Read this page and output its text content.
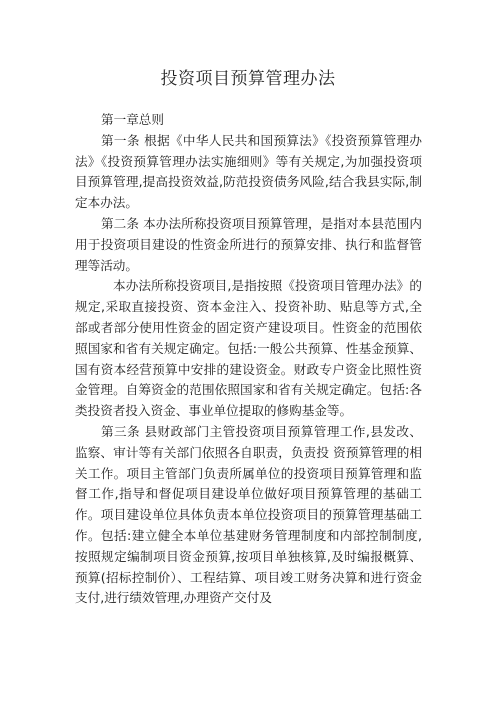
投资项目预算管理办法

第一章总则

第一条 根据《中华人民共和国预算法》《投资预算管理办法》《投资预算管理办法实施细则》等有关规定,为加强投资项目预算管理,提高投资效益,防范投资债务风险,结合我县实际,制定本办法。

第二条 本办法所称投资项目预算管理，是指对本县范围内用于投资项目建设的性资金所进行的预算安排、执行和监督管理等活动。

本办法所称投资项目,是指按照《投资项目管理办法》的规定,采取直接投资、资本金注入、投资补助、贴息等方式,全部或者部分使用性资金的固定资产建设项目。性资金的范围依照国家和省有关规定确定。包括:一般公共预算、性基金预算、国有资本经营预算中安排的建设资金。财政专户资金比照性资金管理。自筹资金的范围依照国家和省有关规定确定。包括:各类投资者投入资金、事业单位提取的修购基金等。

第三条 县财政部门主管投资项目预算管理工作,县发改、监察、审计等有关部门依照各自职责，负责投 资预算管理的相关工作。项目主管部门负责所属单位的投资项目预算管理和监督工作,指导和督促项目建设单位做好项目预算管理的基础工作。项目建设单位具体负责本单位投资项目的预算管理基础工作。包括:建立健全本单位基建财务管理制度和内部控制制度,按照规定编制项目资金预算,按项目单独核算,及时编报概算、预算(招标控制价）、工程结算、项目竣工财务决算和进行资金支付,进行绩效管理,办理资产交付及
